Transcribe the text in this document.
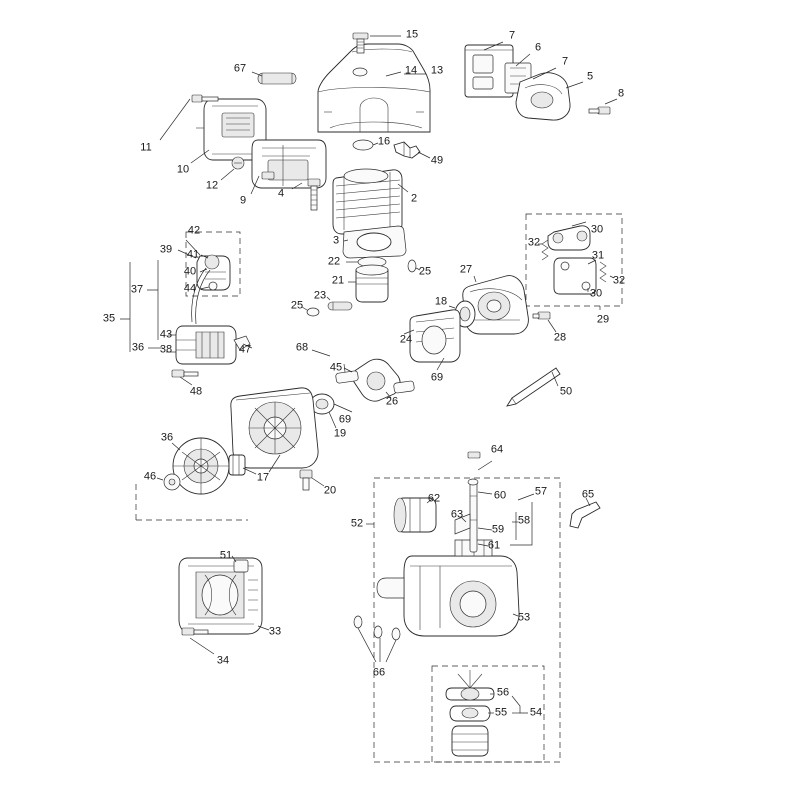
15	7
6
7
5
8
14 13
67
11
10
12
9
4
16
49
2
3
22
21
25
25
23
42
39 41
40
44
37
35
43
36 38	47
48
30
32
31
30
32
29
27
18
28
68
24
45
69
50
26
69
19
36
46	17
20
64
62	60	57
63
59
58
61
52
65
51
33
34
53
66
56
55 54
